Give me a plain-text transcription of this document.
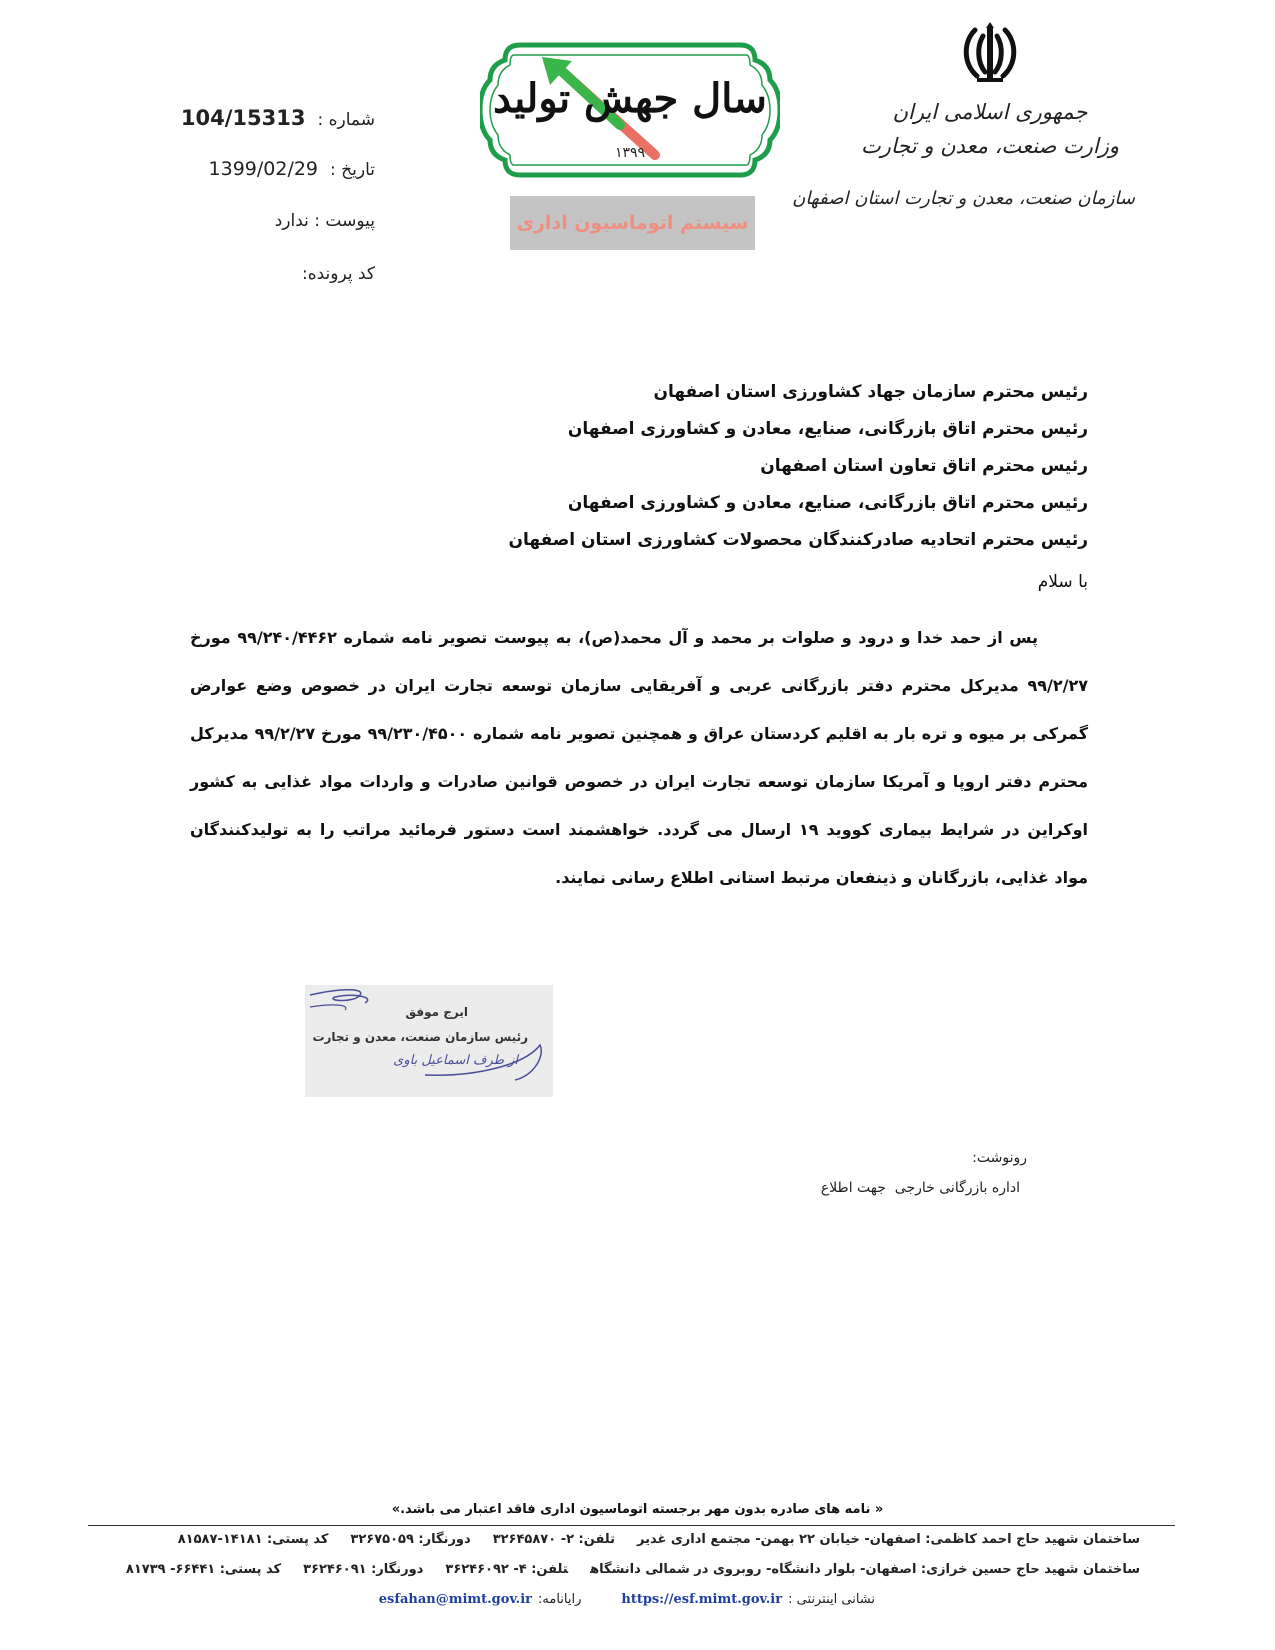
جمهوری اسلامی ایران
وزارت صنعت، معدن و تجارت
سازمان صنعت، معدن و تجارت استان اصفهان
سال جهش تولید
۱۳۹۹
سیستم اتوماسیون اداری
شماره :104/15313
تاریخ :1399/02/29
پیوست : ندارد
کد پرونده:
رئیس محترم سازمان جهاد کشاورزی استان اصفهان
رئیس محترم اتاق بازرگانی، صنایع، معادن و کشاورزی اصفهان
رئیس محترم اتاق تعاون استان اصفهان
رئیس محترم اتاق بازرگانی، صنایع، معادن و کشاورزی اصفهان
رئیس محترم اتحادیه صادرکنندگان محصولات کشاورزی استان اصفهان
با سلام
پس از حمد خدا و درود و صلوات بر محمد و آل محمد(ص)، به پیوست تصویر نامه شماره ۹۹/۲۴۰/۴۴۶۲ مورخ ۹۹/۲/۲۷ مدیرکل محترم دفتر بازرگانی عربی و آفریقایی سازمان توسعه تجارت ایران در خصوص وضع عوارض گمرکی بر میوه و تره بار به اقلیم کردستان عراق و همچنین تصویر نامه شماره ۹۹/۲۳۰/۴۵۰۰ مورخ ۹۹/۲/۲۷ مدیرکل محترم دفتر اروپا و آمریکا سازمان توسعه تجارت ایران در خصوص قوانین صادرات و واردات مواد غذایی به کشور اوکراین در شرایط بیماری کووید ۱۹ ارسال می گردد. خواهشمند است دستور فرمائید مراتب را به تولیدکنندگان مواد غذایی، بازرگانان و ذینفعان مرتبط استانی اطلاع رسانی نمایند.
ایرج موفق
رئیس سازمان صنعت، معدن و تجارت
از طرف اسماعیل باوی
رونوشت:
اداره بازرگانی خارجی  جهت اطلاع
« نامه های صادره بدون مهر برجسته اتوماسیون اداری فاقد اعتبار می باشد.»
ساختمان شهید حاج احمد کاظمی: اصفهان- خیابان ۲۲ بهمن- مجتمع اداری غدیرتلفن: ۲- ۳۲۶۴۵۸۷۰دورنگار: ۳۲۶۷۵۰۵۹کد پستی: ۱۴۱۸۱-۸۱۵۸۷
ساختمان شهید حاج حسین خرازی: اصفهان- بلوار دانشگاه- روبروی در شمالی دانشگاهتلفن: ۴- ۳۶۲۴۶۰۹۲دورنگار: ۳۶۲۴۶۰۹۱کد پستی: ۶۶۴۴۱- ۸۱۷۳۹
نشانی اینترنتی :https://esf.mimt.gov.irرایانامه:esfahan@mimt.gov.ir
